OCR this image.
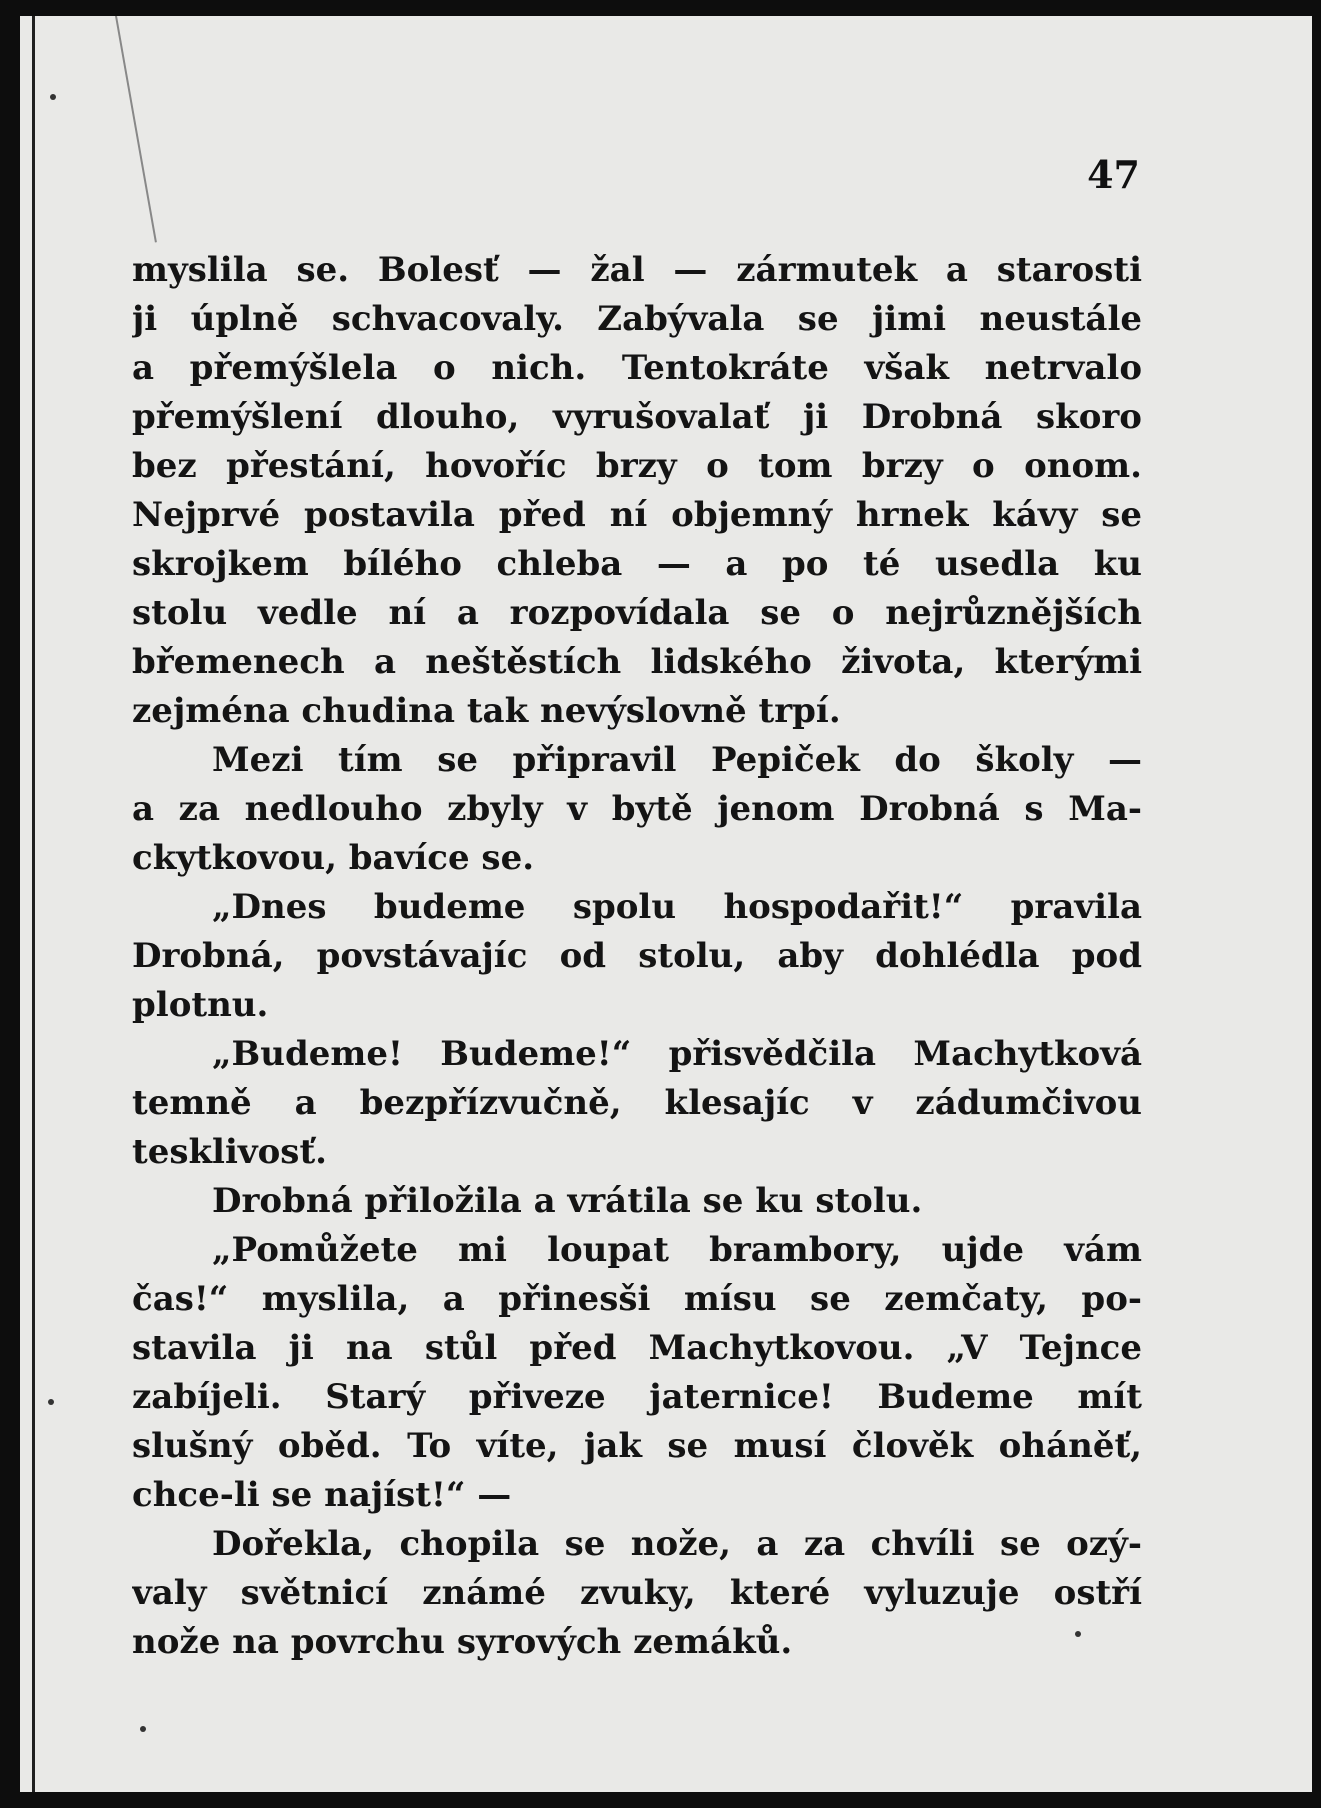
47
myslila se. Bolesť — žal — zármutek a starosti
ji úplně schvacovaly. Zabývala se jimi neustále
a přemýšlela o nich. Tentokráte však netrvalo
přemýšlení dlouho, vyrušovalať ji Drobná skoro
bez přestání, hovoříc brzy o tom brzy o onom.
Nejprvé postavila před ní objemný hrnek kávy se
skrojkem bílého chleba — a po té usedla ku
stolu vedle ní a rozpovídala se o nejrůznějších
břemenech a neštěstích lidského života, kterými
zejména chudina tak nevýslovně trpí.
Mezi tím se připravil Pepiček do školy —
a za nedlouho zbyly v bytě jenom Drobná s Ma-
ckytkovou, bavíce se.
„Dnes budeme spolu hospodařit!“ pravila
Drobná, povstávajíc od stolu, aby dohlédla pod
plotnu.
„Budeme! Budeme!“ přisvědčila Machytková
temně a bezpřízvučně, klesajíc v zádumčivou
tesklivosť.
Drobná přiložila a vrátila se ku stolu.
„Pomůžete mi loupat brambory, ujde vám
čas!“ myslila, a přinesši mísu se zemčaty, po-
stavila ji na stůl před Machytkovou. „V Tejnce
zabíjeli. Starý přiveze jaternice! Budeme mít
slušný oběd. To víte, jak se musí člověk oháněť,
chce-li se najíst!“ —
Dořekla, chopila se nože, a za chvíli se ozý-
valy světnicí známé zvuky, které vyluzuje ostří
nože na povrchu syrových zemáků.
